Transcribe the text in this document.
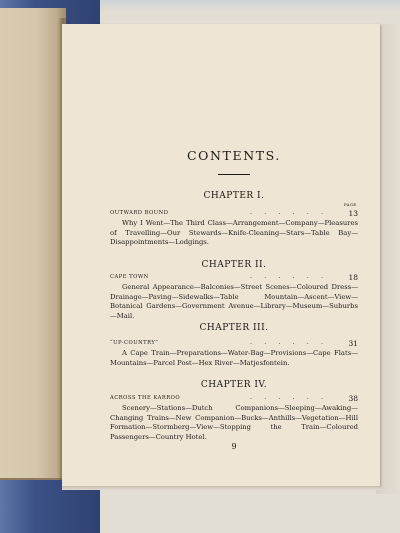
CONTENTS.
CHAPTER I.
PAGE
OUTWARD BOUND	. . . . . .	13

Why I Went—The Third Class—Arrangement—Company—Pleasures of Travelling—Our Stewards—Knife-Cleaning—Stars—Table Bay—Disappointments—Lodgings.

CHAPTER II.
CAPE TOWN	. . . . . .	18

General Appearance—Balconies—Street Scenes—Coloured Dress—Drainage—Paving—Sidewalks—Table Mountain—Ascent—View—Botanical Gardens—Government Avenue—Library—Museum—Suburbs—Mail.

CHAPTER III.
“UP-COUNTRY”	. . . . . .	31

A Cape Train—Preparations—Water-Bag—Provisions—Cape Flats—Mountains—Parcel Post—Hex River—Matjesfontein.

CHAPTER IV.
ACROSS THE KARROO	. . . . . .	38

Scenery—Stations—Dutch Companions—Sleeping—Awaking—Changing Trains—New Companion—Bucks—Anthills—Vegetation—Hill Formation—Stormberg—View—Stopping the Train—Coloured Passengers—Country Hotel.

9
